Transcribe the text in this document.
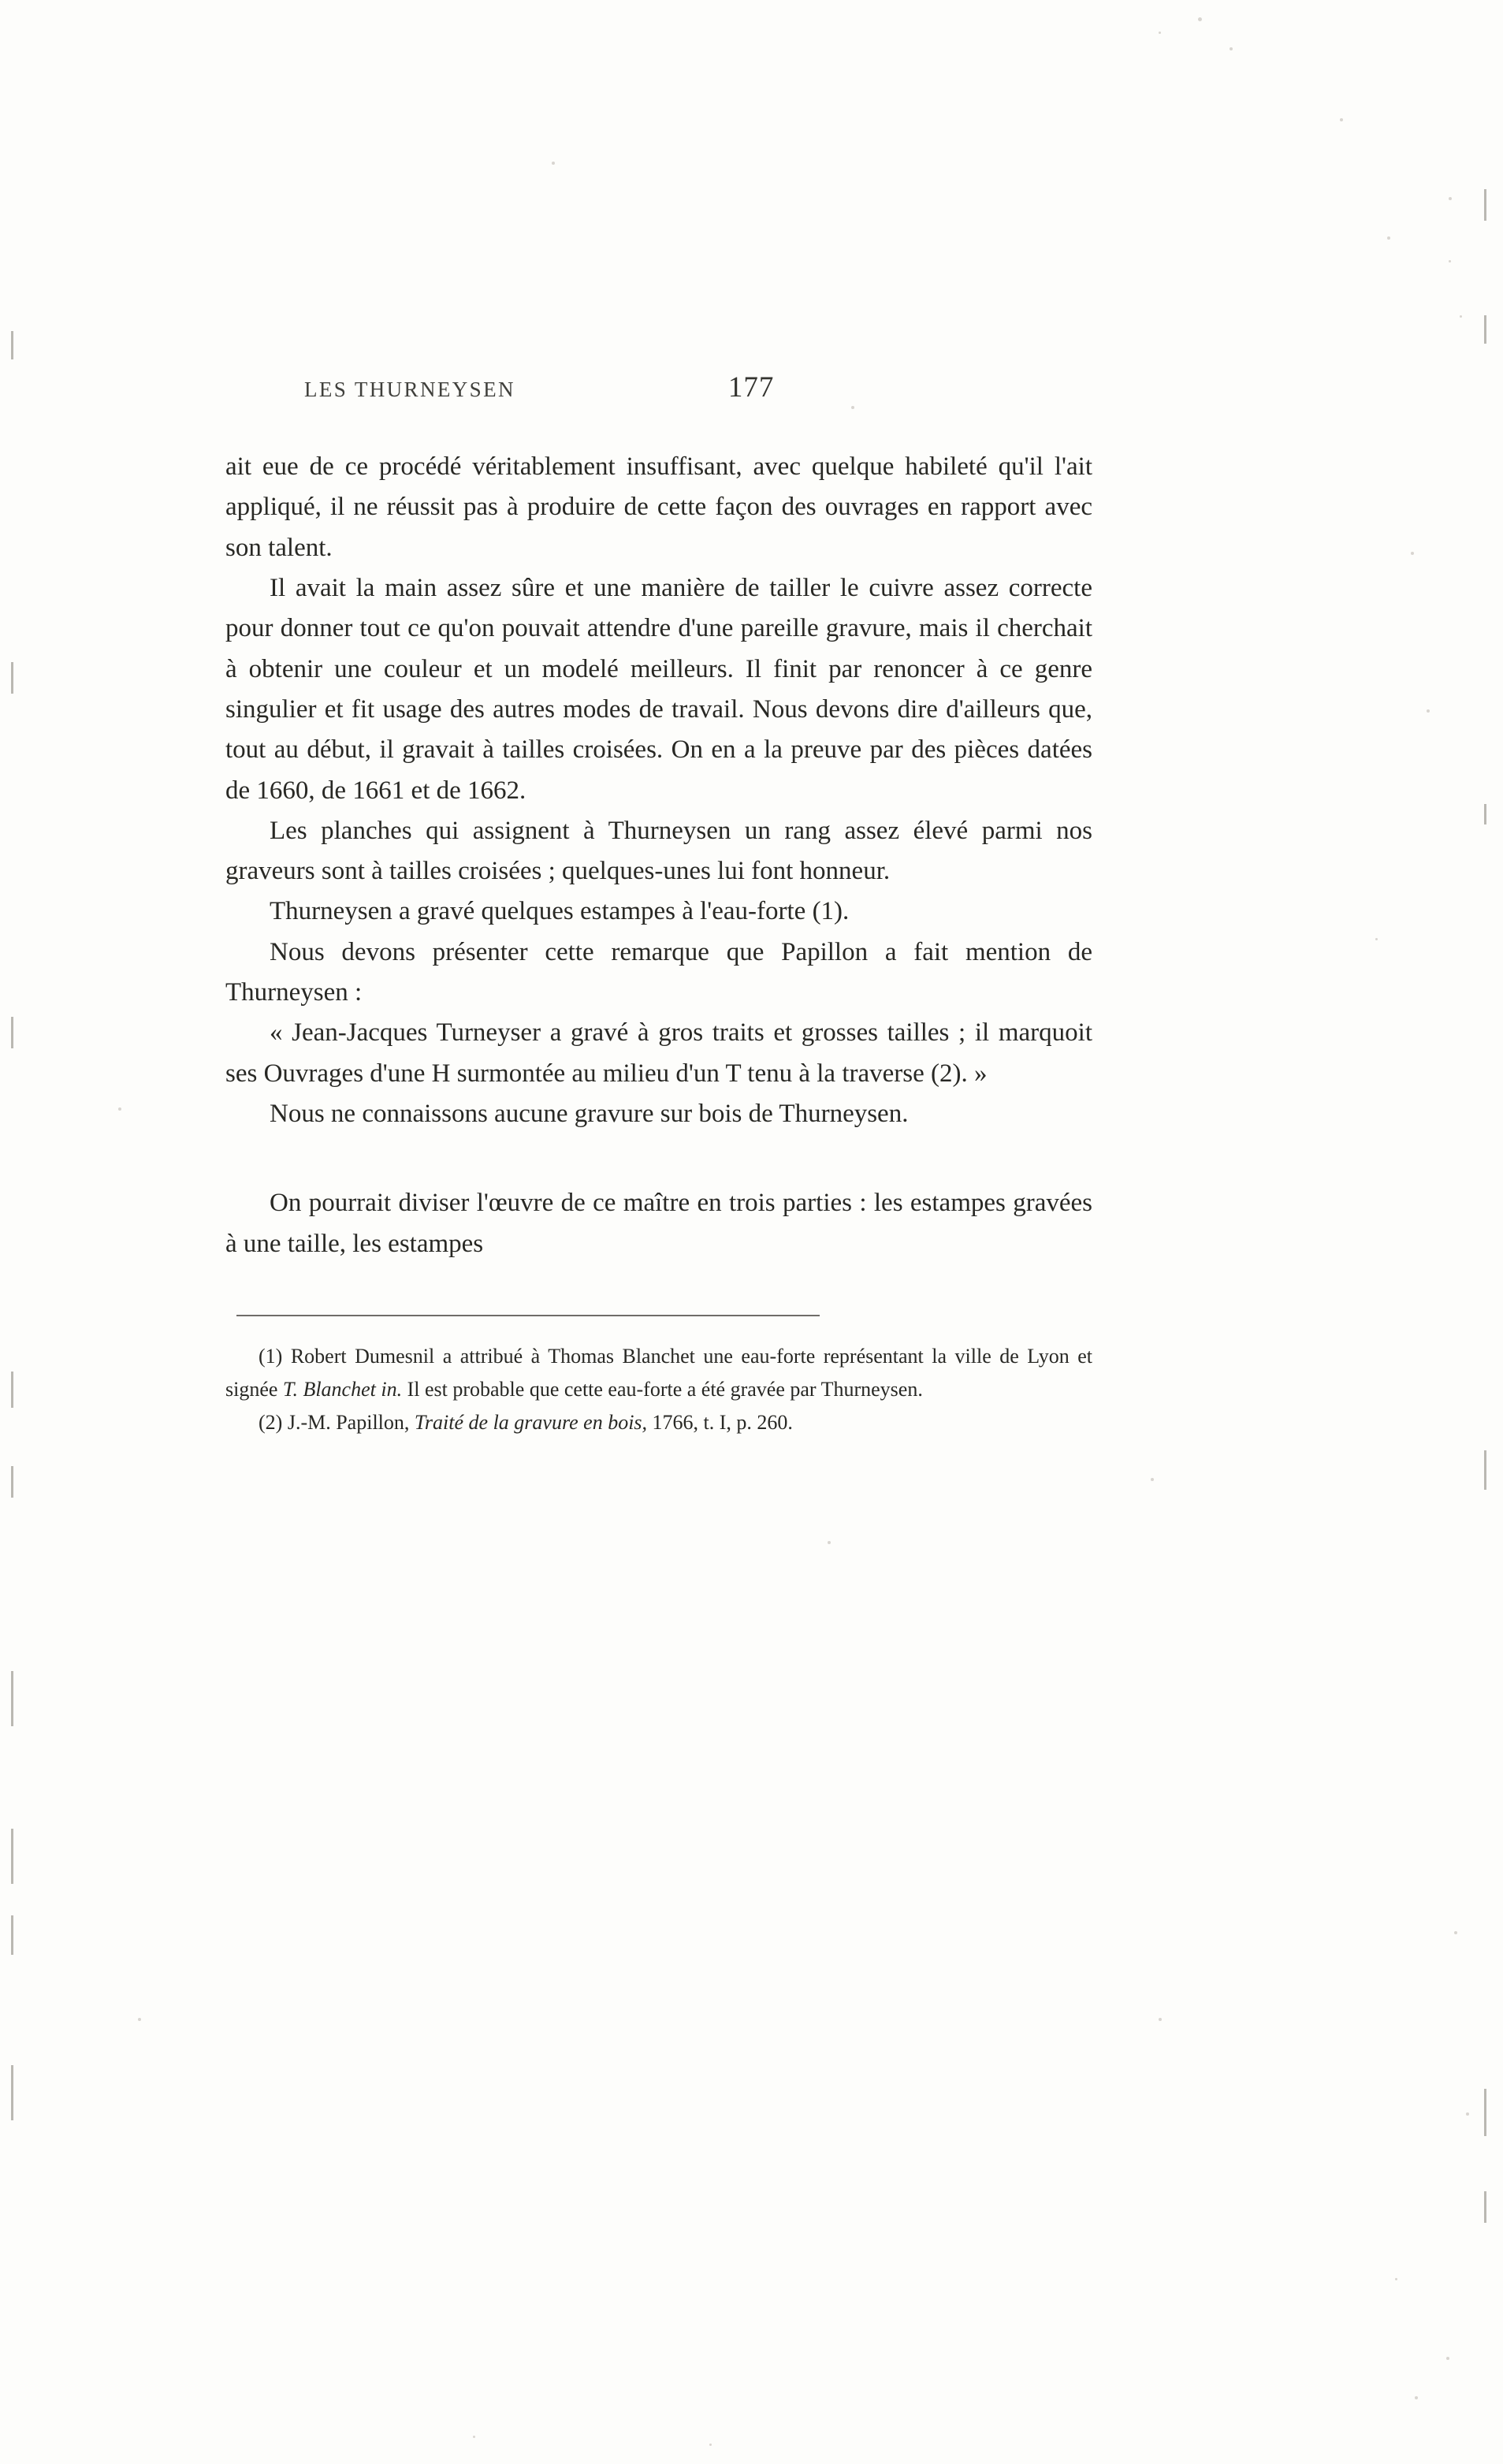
LES THURNEYSEN	177

ait eue de ce procédé véritablement insuffisant, avec quelque habileté qu'il l'ait appliqué, il ne réussit pas à produire de cette façon des ouvrages en rapport avec son talent.

Il avait la main assez sûre et une manière de tailler le cuivre assez correcte pour donner tout ce qu'on pouvait attendre d'une pareille gravure, mais il cherchait à obtenir une couleur et un modelé meilleurs. Il finit par renoncer à ce genre singulier et fit usage des autres modes de travail. Nous devons dire d'ailleurs que, tout au début, il gravait à tailles croisées. On en a la preuve par des pièces datées de 1660, de 1661 et de 1662.

Les planches qui assignent à Thurneysen un rang assez élevé parmi nos graveurs sont à tailles croisées ; quelques-unes lui font honneur.

Thurneysen a gravé quelques estampes à l'eau-forte (1).

Nous devons présenter cette remarque que Papillon a fait mention de Thurneysen :

« Jean-Jacques Turneyser a gravé à gros traits et grosses tailles ; il marquoit ses Ouvrages d'une H surmontée au milieu d'un T tenu à la traverse (2). »

Nous ne connaissons aucune gravure sur bois de Thurneysen.

On pourrait diviser l'œuvre de ce maître en trois parties : les estampes gravées à une taille, les estampes

(1) Robert Dumesnil a attribué à Thomas Blanchet une eau-forte représentant la ville de Lyon et signée T. Blanchet in. Il est probable que cette eau-forte a été gravée par Thurneysen.

(2) J.-M. Papillon, Traité de la gravure en bois, 1766, t. I, p. 260.
